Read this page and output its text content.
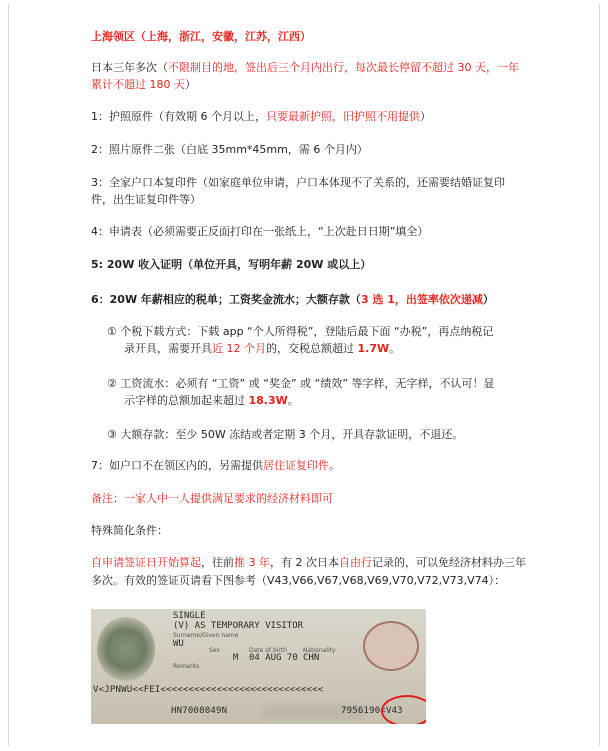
上海领区（上海，浙江，安徽，江苏，江西）
日本三年多次（不限制目的地，签出后三个月内出行，每次最长停留不超过 30 天，一年
累计不超过 180 天）
1：护照原件（有效期 6 个月以上，只要最新护照，旧护照不用提供）
2：照片原件二张（白底 35mm*45mm，需 6 个月内）
3：全家户口本复印件（如家庭单位申请，户口本体现不了关系的，还需要结婚证复印
件，出生证复印件等）
4：申请表（必须需要正反面打印在一张纸上，“上次赴日日期”填全）
5: 20W 收入证明（单位开具，写明年薪 20W 或以上）
6：20W 年薪相应的税单；工资奖金流水；大额存款（3 选 1，出签率依次递减）
① 个税下载方式：下载 app “个人所得税”，登陆后最下面 “办税”，再点纳税记
录开具，需要开具近 12 个月的，交税总额超过 1.7W。
② 工资流水：必须有 “工资” 或 “奖金” 或 “绩效” 等字样，无字样，不认可！显
示字样的总额加起来超过 18.3W。
③ 大额存款：至少 50W 冻结或者定期 3 个月，开具存款证明，不退还。
7：如户口不在领区内的，另需提供居住证复印件。
备注：一家人中一人提供满足要求的经济材料即可
特殊简化条件：
自申请签证日开始算起，往前推 3 年，有 2 次日本自由行记录的，可以免经济材料办三年
多次。有效的签证页请看下图参考（V43,V66,V67,V68,V69,V70,V72,V73,V74）：
SINGLE
(V) AS TEMPORARY VISITOR
Surname/Given name
WU
Sex
M
Date of birth
04 AUG 70
Nationality
CHN
Remarks
V<JPNWU<<FEI<<<<<<<<<<<<<<<<<<<<<<<<<<<<<
HN7008049N	7956190<V43
